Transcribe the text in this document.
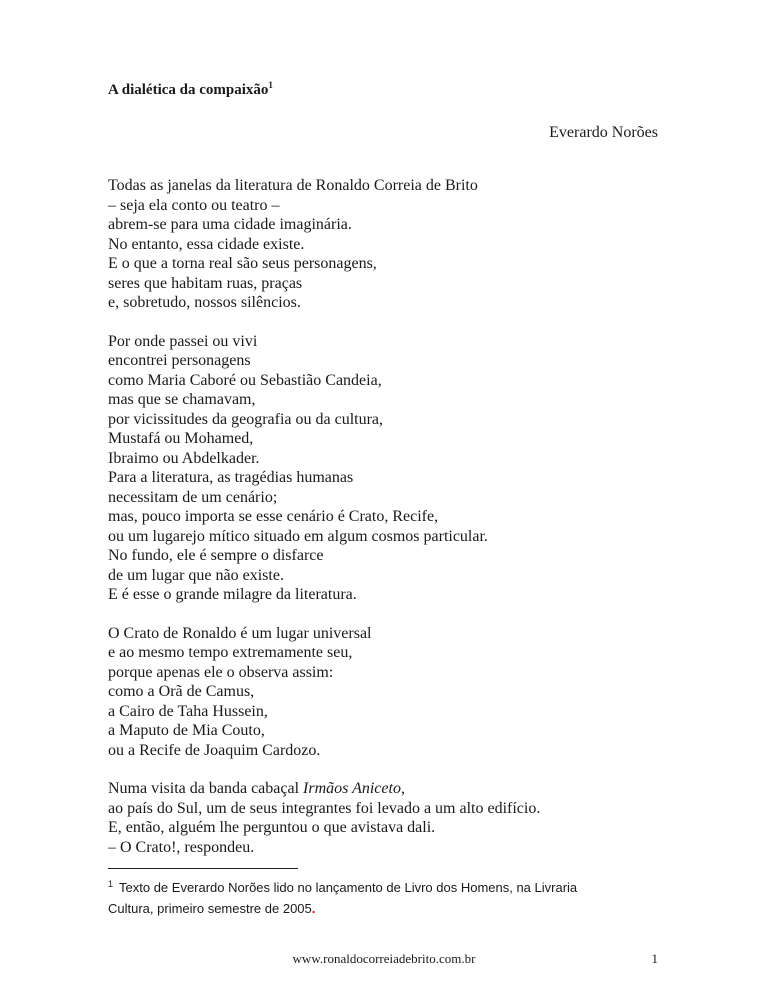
A dialética da compaixão$^1$
Everardo Norões
Todas as janelas da literatura de Ronaldo Correia de Brito
– seja ela conto ou teatro –
abrem-se para uma cidade imaginária.
No entanto, essa cidade existe.
E o que a torna real são seus personagens,
seres que habitam ruas, praças
e, sobretudo, nossos silêncios.
Por onde passei ou vivi
encontrei personagens
como Maria Caboré ou Sebastião Candeia,
mas que se chamavam,
por vicissitudes da geografia ou da cultura,
Mustafá ou Mohamed,
Ibraimo ou Abdelkader.
Para a literatura, as tragédias humanas
necessitam de um cenário;
mas, pouco importa se esse cenário é Crato, Recife,
ou um lugarejo mítico situado em algum cosmos particular.
No fundo, ele é sempre o disfarce
de um lugar que não existe.
E é esse o grande milagre da literatura.
O Crato de Ronaldo é um lugar universal
e ao mesmo tempo extremamente seu,
porque apenas ele o observa assim:
como a Orã de Camus,
a Cairo de Taha Hussein,
a Maputo de Mia Couto,
ou a Recife de Joaquim Cardozo.
Numa visita da banda cabaçal Irmãos Aniceto,
ao país do Sul, um de seus integrantes foi levado a um alto edifício.
E, então, alguém lhe perguntou o que avistava dali.
– O Crato!, respondeu.
$^1$ Texto de Everardo Norões lido no lançamento de Livro dos Homens, na Livraria
Cultura, primeiro semestre de 2005.
www.ronaldocorreiadebrito.com.br	1
